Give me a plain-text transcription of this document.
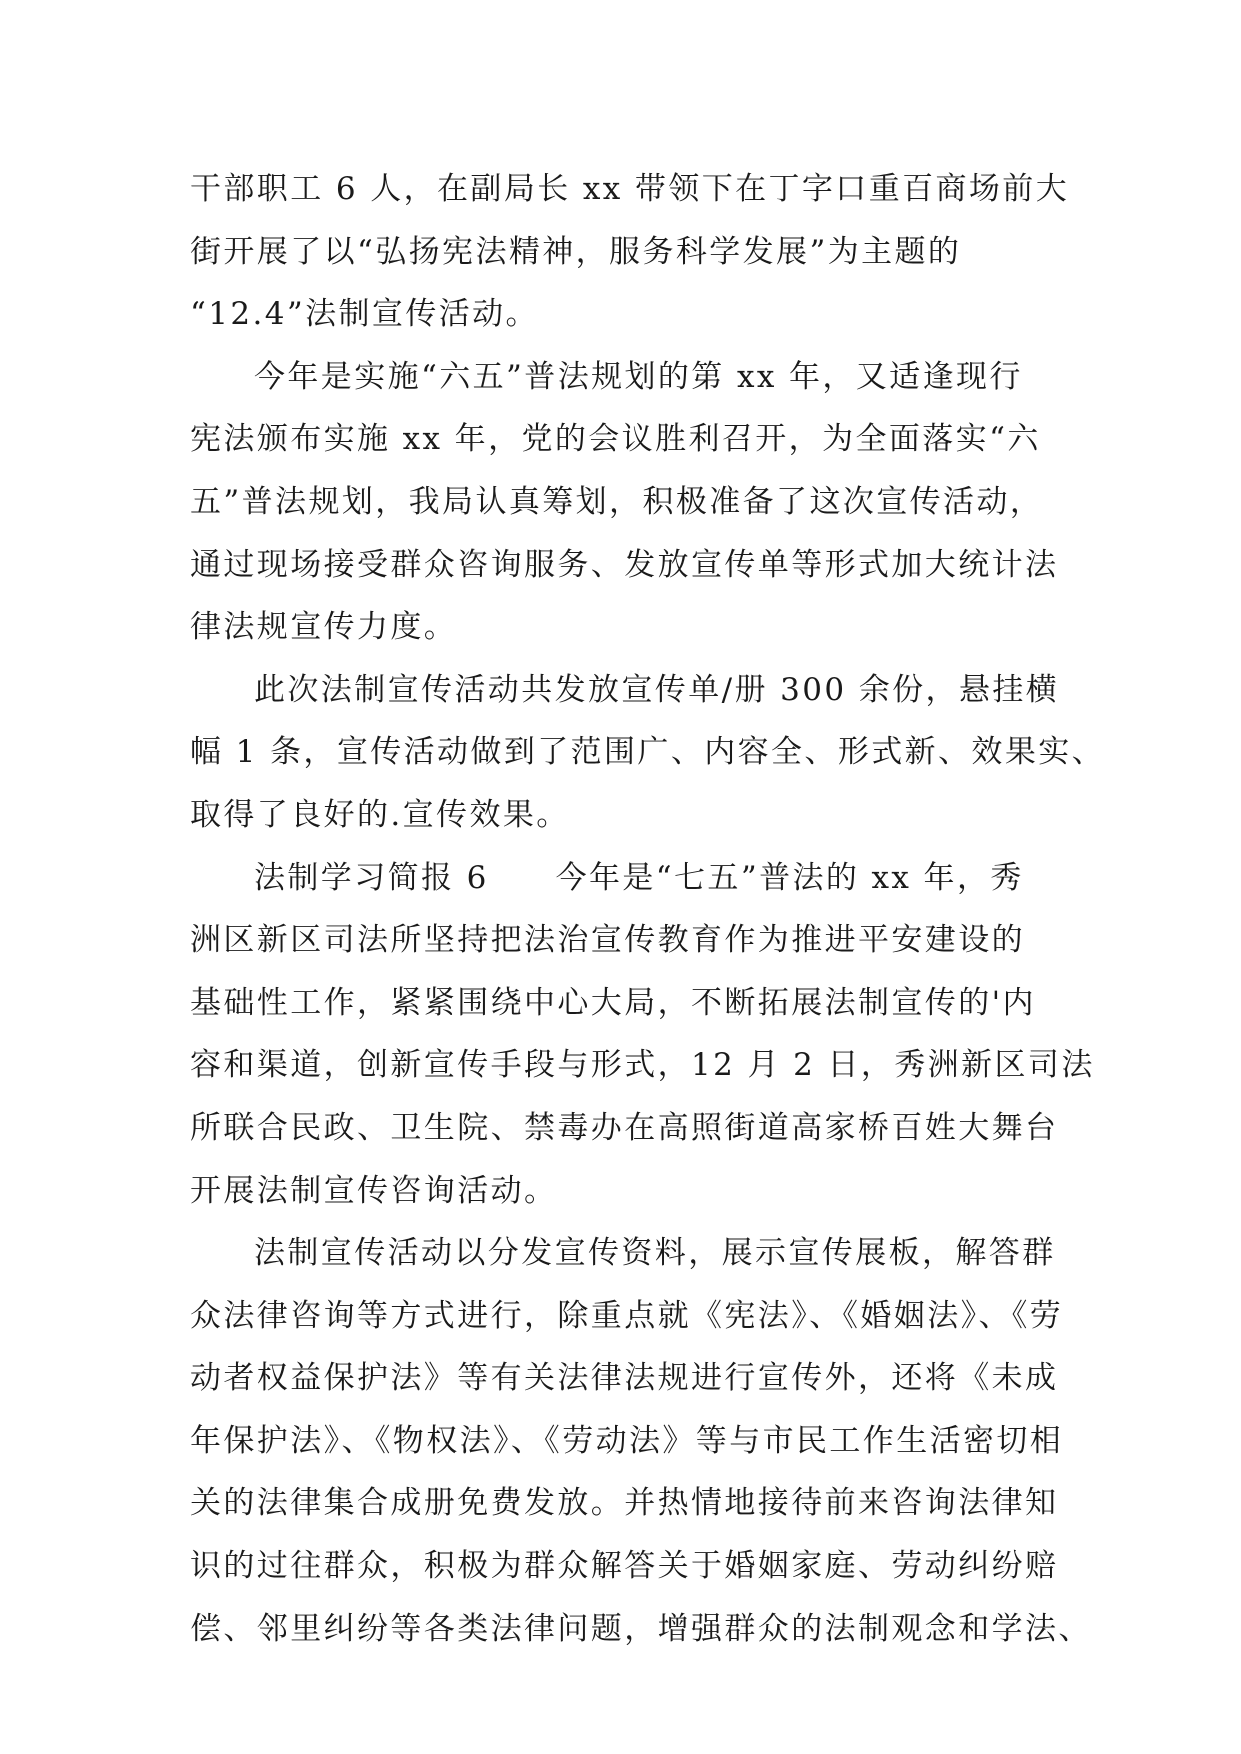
干部职工 6 人，在副局长 xx 带领下在丁字口重百商场前大
街开展了以“弘扬宪法精神，服务科学发展”为主题的
“12.4”法制宣传活动。
今年是实施“六五”普法规划的第 xx 年，又适逢现行
宪法颁布实施 xx 年，党的会议胜利召开，为全面落实“六
五”普法规划，我局认真筹划，积极准备了这次宣传活动，
通过现场接受群众咨询服务、发放宣传单等形式加大统计法
律法规宣传力度。
此次法制宣传活动共发放宣传单/册 300 余份，悬挂横
幅 1 条，宣传活动做到了范围广、内容全、形式新、效果实、
取得了良好的.宣传效果。
法制学习简报 6　　今年是“七五”普法的 xx 年，秀
洲区新区司法所坚持把法治宣传教育作为推进平安建设的
基础性工作，紧紧围绕中心大局，不断拓展法制宣传的'内
容和渠道，创新宣传手段与形式，12 月 2 日，秀洲新区司法
所联合民政、卫生院、禁毒办在高照街道高家桥百姓大舞台
开展法制宣传咨询活动。
法制宣传活动以分发宣传资料，展示宣传展板，解答群
众法律咨询等方式进行，除重点就《宪法》、《婚姻法》、《劳
动者权益保护法》等有关法律法规进行宣传外，还将《未成
年保护法》、《物权法》、《劳动法》等与市民工作生活密切相
关的法律集合成册免费发放。并热情地接待前来咨询法律知
识的过往群众，积极为群众解答关于婚姻家庭、劳动纠纷赔
偿、邻里纠纷等各类法律问题，增强群众的法制观念和学法、
